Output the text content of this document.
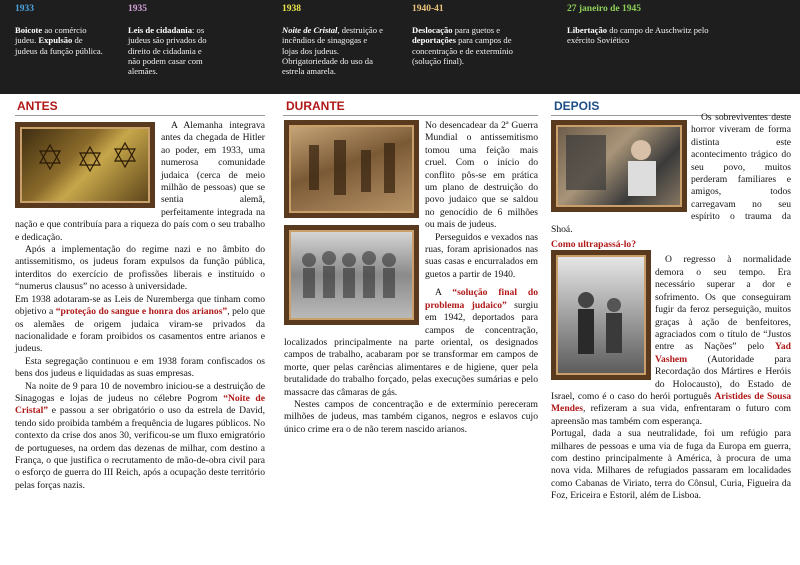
1933
Boicote ao comércio judeu. Expulsão de judeus da função pública.
1935
Leis de cidadania: os judeus são privados do direito de cidadania e não podem casar com alemães.
1938
Noite de Cristal, destruição e incêndios de sinagogas e lojas dos judeus. Obrigatoriedade do uso da estrela amarela.
1940-41
Deslocação para guetos e deportações para campos de concentração e de extermínio (solução final).
27 janeiro de 1945
Libertação do campo de Auschwitz pelo exército Soviético
ANTES	DURANTE	DEPOIS

A Alemanha integrava antes da chegada de Hitler ao poder, em 1933, uma numerosa comunidade judaica (cerca de meio milhão de pessoas) que se sentia alemã, perfeitamente integrada na nação e que contribuía para a riqueza do país com o seu trabalho e dedicação.

Após a implementação do regime nazi e no âmbito do antissemitismo, os judeus foram expulsos da função pública, interditos do exercício de profissões liberais e instituído o “numerus clausus” no acesso à universidade.

Em 1938 adotaram-se as Leis de Nuremberga que tinham como objetivo a “proteção do sangue e honra dos arianos”, pelo que os alemães de origem judaica viram-se privados da nacionalidade e foram proibidos os casamentos entre arianos e judeus.

Esta segregação continuou e em 1938 foram confiscados os bens dos judeus e liquidadas as suas empresas.

Na noite de 9 para 10 de novembro iniciou-se a destruição de Sinagogas e lojas de judeus no célebre Pogrom “Noite de Cristal” e passou a ser obrigatório o uso da estrela de David, tendo sido proibida também a frequência de lugares públicos. No contexto da crise dos anos 30, verificou-se um fluxo emigratório de portugueses, na ordem das dezenas de milhar, com destino a França, o que justifica o recrutamento de mão-de-obra civil para o esforço de guerra do III Reich, após a ocupação deste território pelas forças nazis.

No desencadear da 2ª Guerra Mundial o antissemitismo tomou uma feição mais cruel. Com o início do conflito pôs-se em prática um plano de destruição do povo judaico que se saldou no genocídio de 6 milhões ou mais de judeus.

Perseguidos e vexados nas ruas, foram aprisionados nas suas casas e encurralados em guetos a partir de 1940.

A “solução final do problema judaico” surgiu em 1942, deportados para campos de concentração, localizados principalmente na parte oriental, os designados campos de trabalho, acabaram por se transformar em campos de morte, quer pelas carências alimentares e de higiene, quer pela brutalidade do trabalho forçado, pelas execuções sumárias e pelo massacre das câmaras de gás.

Nestes campos de concentração e de extermínio pereceram milhões de judeus, mas também ciganos, negros e eslavos cujo único crime era o de não terem nascido arianos.

Os sobreviventes deste horror viveram de forma distinta este acontecimento trágico do seu povo, muitos perderam familiares e amigos, todos carregavam no seu espírito o trauma da Shoá.

Como ultrapassá-lo?

O regresso à normalidade demora o seu tempo. Era necessário superar a dor e sofrimento. Os que conseguiram fugir da feroz perseguição, muitos graças à ação de benfeitores, agraciados com o título de “Justos entre as Nações” pelo Yad Vashem (Autoridade para Recordação dos Mártires e Heróis do Holocausto), do Estado de Israel, como é o caso do herói português Aristides de Sousa Mendes, refizeram a sua vida, enfrentaram o futuro com apreensão mas também com esperança.

Portugal, dada a sua neutralidade, foi um refúgio para milhares de pessoas e uma via de fuga da Europa em guerra, com destino principalmente à América, à procura de uma nova vida. Milhares de refugiados passaram em localidades como Cabanas de Viriato, terra do Cônsul, Curia, Figueira da Foz, Ericeira e Estoril, além de Lisboa.
